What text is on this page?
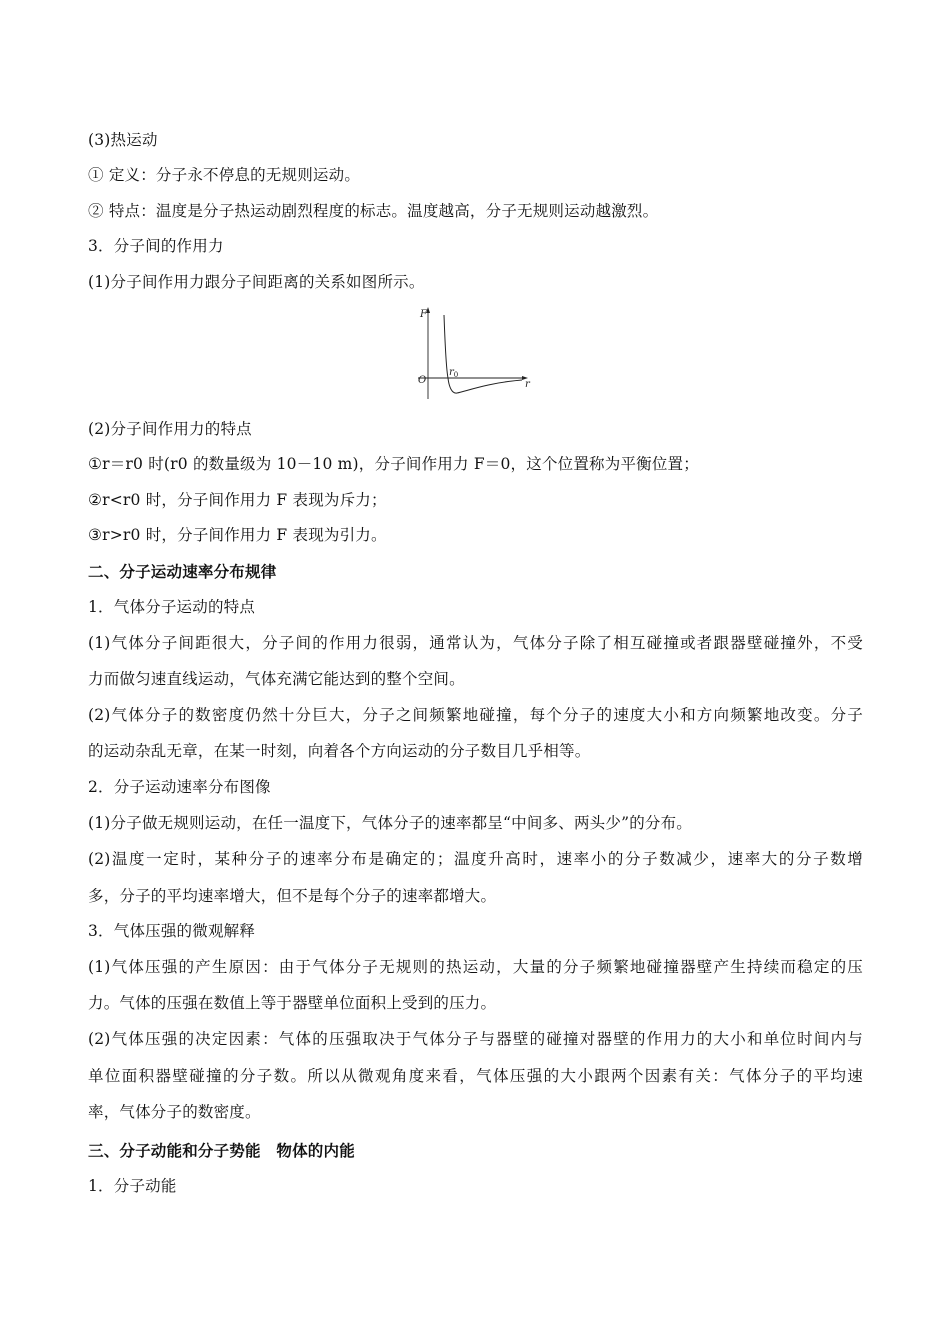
(3)热运动
① 定义：分子永不停息的无规则运动。
② 特点：温度是分子热运动剧烈程度的标志。温度越高，分子无规则运动越激烈。
3．分子间的作用力
(1)分子间作用力跟分子间距离的关系如图所示。
F
r
O
$r_0$
(2)分子间作用力的特点
①r＝r0 时(r0 的数量级为 10－10 m)，分子间作用力 F＝0，这个位置称为平衡位置；
②r<r0 时，分子间作用力 F 表现为斥力；
③r>r0 时，分子间作用力 F 表现为引力。
二、分子运动速率分布规律
1．气体分子运动的特点
(1)气体分子间距很大，分子间的作用力很弱，通常认为，气体分子除了相互碰撞或者跟器壁碰撞外，不受
力而做匀速直线运动，气体充满它能达到的整个空间。
(2)气体分子的数密度仍然十分巨大，分子之间频繁地碰撞，每个分子的速度大小和方向频繁地改变。分子
的运动杂乱无章，在某一时刻，向着各个方向运动的分子数目几乎相等。
2．分子运动速率分布图像
(1)分子做无规则运动，在任一温度下，气体分子的速率都呈“中间多、两头少”的分布。
(2)温度一定时，某种分子的速率分布是确定的；温度升高时，速率小的分子数减少，速率大的分子数增
多，分子的平均速率增大，但不是每个分子的速率都增大。
3．气体压强的微观解释
(1)气体压强的产生原因：由于气体分子无规则的热运动，大量的分子频繁地碰撞器壁产生持续而稳定的压
力。气体的压强在数值上等于器壁单位面积上受到的压力。
(2)气体压强的决定因素：气体的压强取决于气体分子与器壁的碰撞对器壁的作用力的大小和单位时间内与
单位面积器壁碰撞的分子数。所以从微观角度来看，气体压强的大小跟两个因素有关：气体分子的平均速
率，气体分子的数密度。
三、分子动能和分子势能　物体的内能
1．分子动能
